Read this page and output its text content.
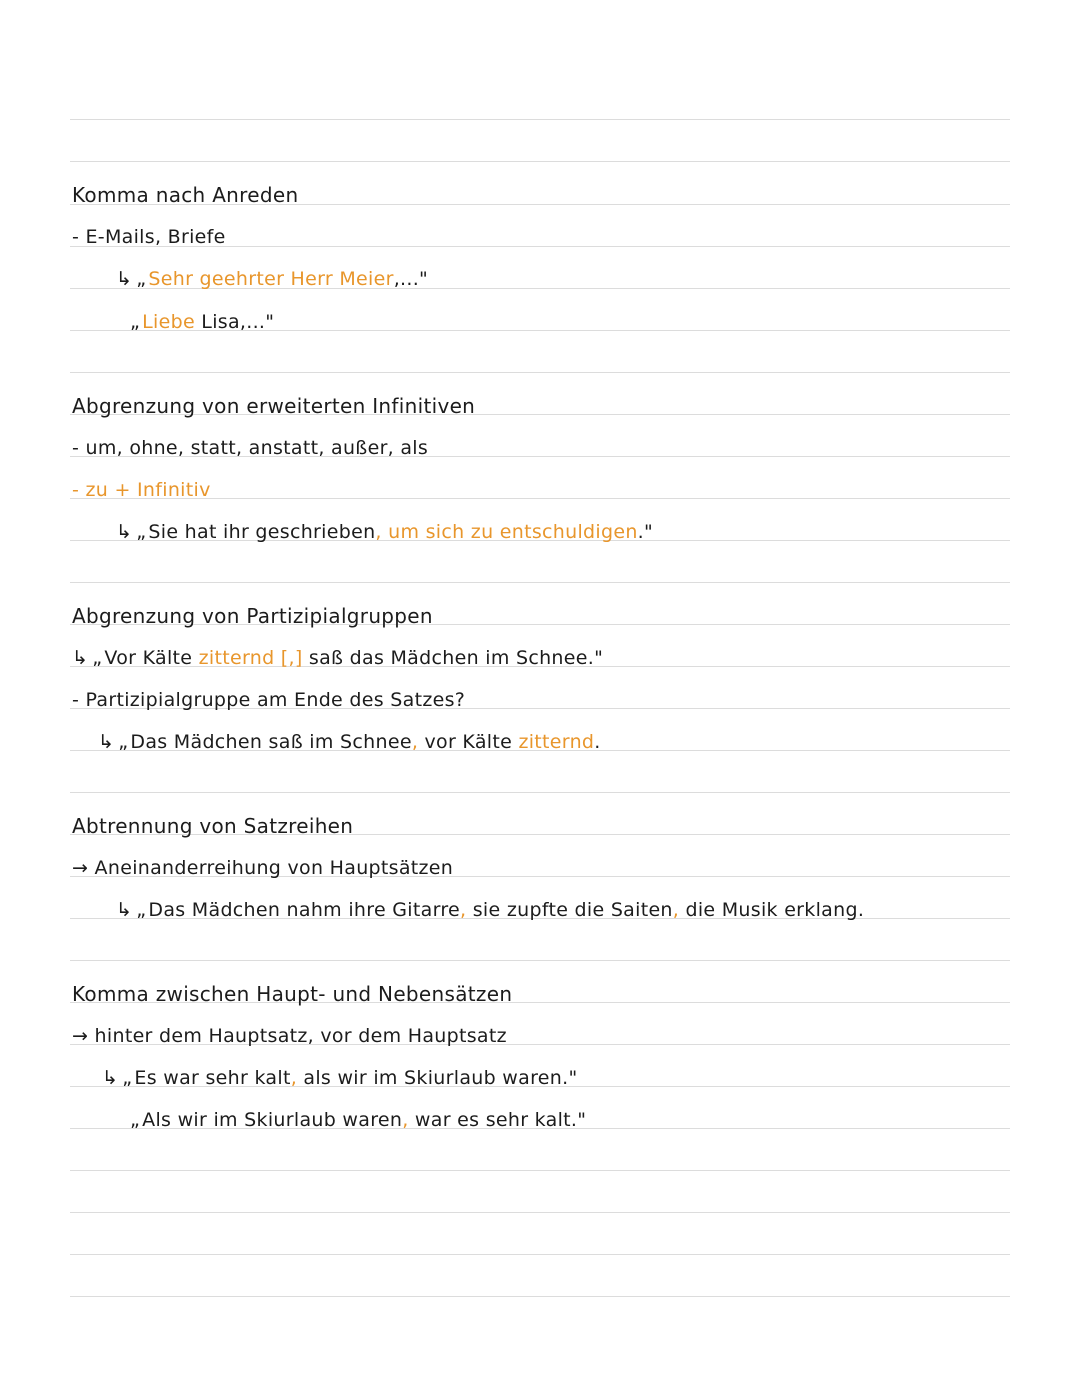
Komma nach Anreden
- E-Mails, Briefe
↳ „ Sehr geehrter Herr Meier,..."
„ Liebe Lisa,..."
Abgrenzung von erweiterten Infinitiven
- um, ohne, statt, anstatt, außer, als
- zu + Infinitiv
↳ „ Sie hat ihr geschrieben, um sich zu entschuldigen."
Abgrenzung von Partizipialgruppen
↳ „ Vor Kälte zitternd [,] saß das Mädchen im Schnee."
- Partizipialgruppe am Ende des Satzes?
↳ „ Das Mädchen saß im Schnee, vor Kälte zitternd.
Abtrennung von Satzreihen
→ Aneinanderreihung von Hauptsätzen
↳ „ Das Mädchen nahm ihre Gitarre, sie zupfte die Saiten, die Musik erklang.
Komma zwischen Haupt- und Nebensätzen
→ hinter dem Hauptsatz, vor dem Hauptsatz
↳ „ Es war sehr kalt, als wir im Skiurlaub waren."
„ Als wir im Skiurlaub waren, war es sehr kalt."
